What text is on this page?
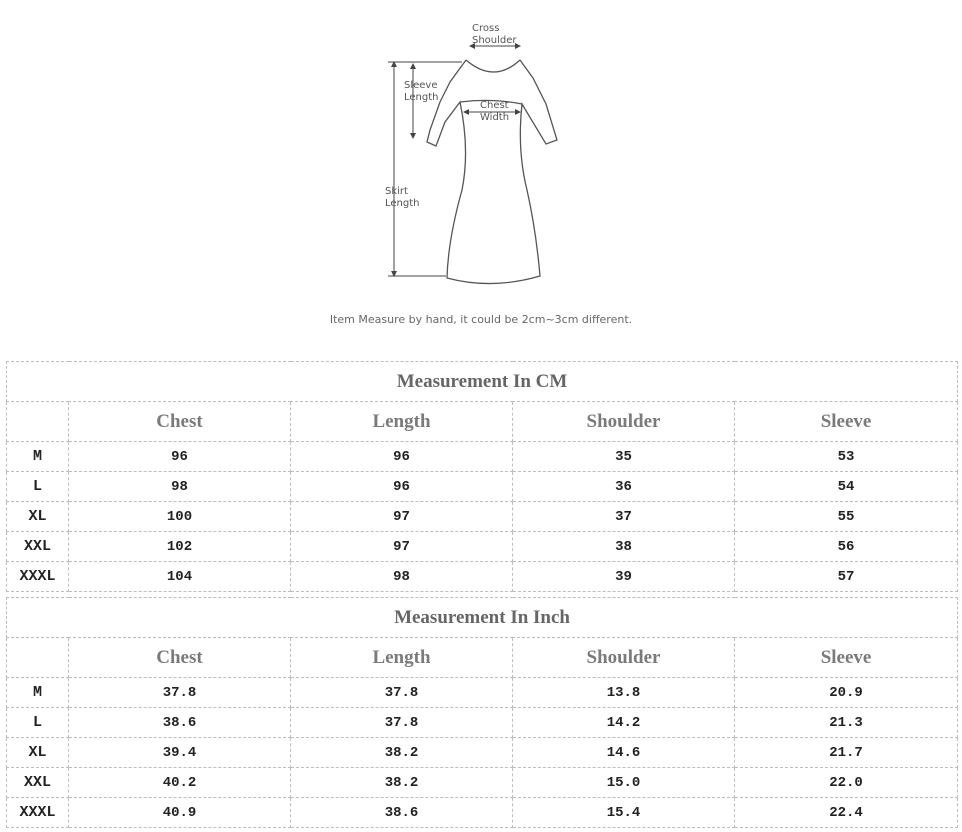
Cross
Shoulder
Sleeve
Length
Chest
Width
Skirt
Length
Item Measure by hand, it could be 2cm~3cm different.
Measurement In CM				
	Chest	Length	Shoulder	Sleeve
M	96	96	35	53
L	98	96	36	54
XL	100	97	37	55
XXL	102	97	38	56
XXXL	104	98	39	57
Measurement In Inch				
	Chest	Length	Shoulder	Sleeve
M	37.8	37.8	13.8	20.9
L	38.6	37.8	14.2	21.3
XL	39.4	38.2	14.6	21.7
XXL	40.2	38.2	15.0	22.0
XXXL	40.9	38.6	15.4	22.4
